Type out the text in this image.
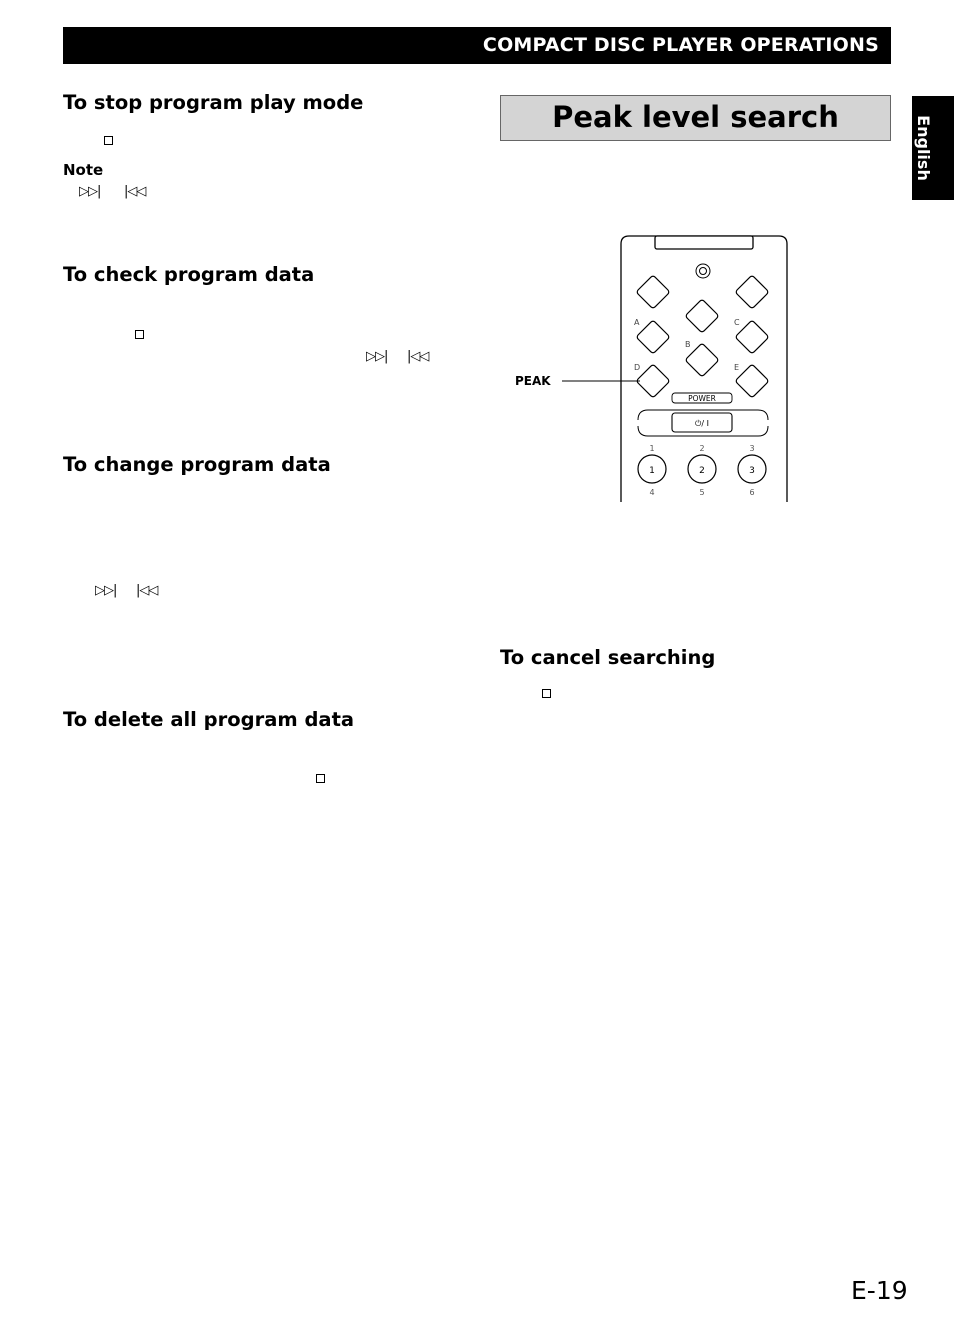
COMPACT DISC PLAYER OPERATIONS
English
To stop program play mode
Note
▷▷| |◁◁
To check program data
▷▷| |◁◁
To change program data
▷▷| |◁◁
To delete all program data
Peak level search
A
B
C
D	E
POWER
⏻/ I
1	2	3
1	2	3
4	5	6
PEAK
To cancel searching
E-19
